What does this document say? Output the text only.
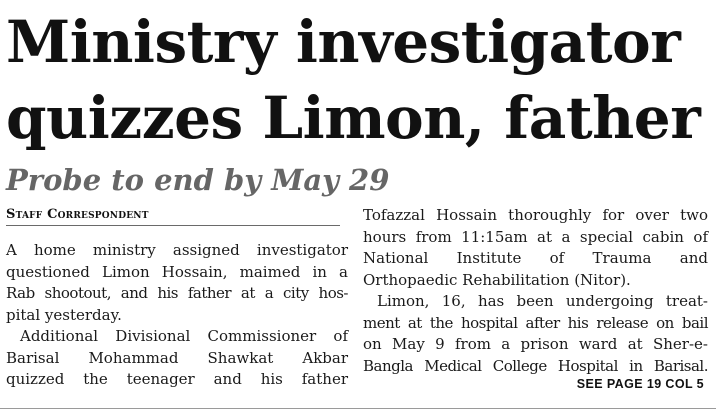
Ministry investigator
quizzes Limon, father
Probe to end by May 29
Staff Correspondent
A home ministry assigned investigator
questioned Limon Hossain, maimed in a
Rab shootout, and his father at a city hos-
pital yesterday.
Additional Divisional Commissioner of
Barisal Mohammad Shawkat Akbar
quizzed the teenager and his father
Tofazzal Hossain thoroughly for over two
hours from 11:15am at a special cabin of
National Institute of Trauma and
Orthopaedic Rehabilitation (Nitor).
Limon, 16, has been undergoing treat-
ment at the hospital after his release on bail
on May 9 from a prison ward at Sher-e-
Bangla Medical College Hospital in Barisal.
SEE PAGE 19 COL 5
